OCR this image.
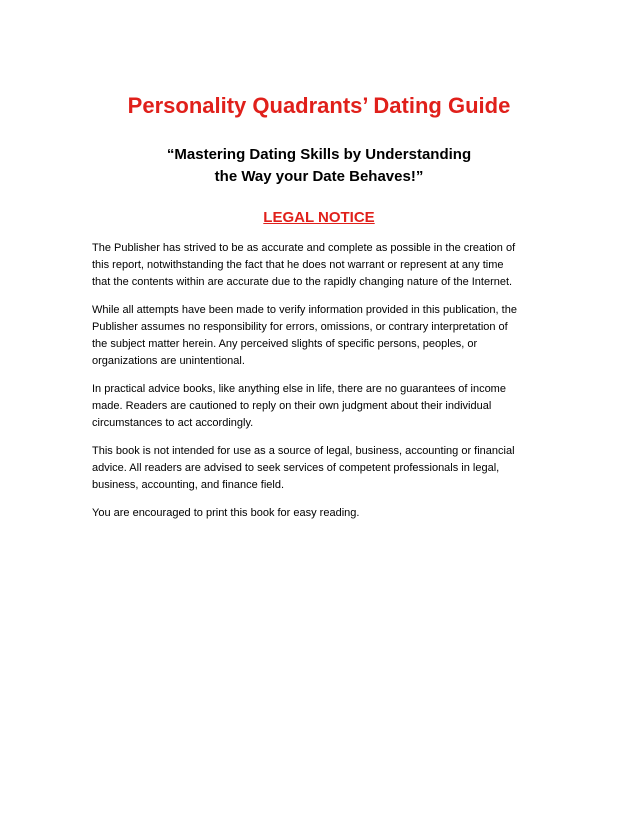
Personality Quadrants’ Dating Guide
“Mastering Dating Skills by Understanding
the Way your Date Behaves!”
LEGAL NOTICE

The Publisher has strived to be as accurate and complete as possible in the creation of
this report, notwithstanding the fact that he does not warrant or represent at any time
that the contents within are accurate due to the rapidly changing nature of the Internet.

While all attempts have been made to verify information provided in this publication, the
Publisher assumes no responsibility for errors, omissions, or contrary interpretation of
the subject matter herein. Any perceived slights of specific persons, peoples, or
organizations are unintentional.

In practical advice books, like anything else in life, there are no guarantees of income
made. Readers are cautioned to reply on their own judgment about their individual
circumstances to act accordingly.

This book is not intended for use as a source of legal, business, accounting or financial
advice. All readers are advised to seek services of competent professionals in legal,
business, accounting, and finance field.

You are encouraged to print this book for easy reading.
